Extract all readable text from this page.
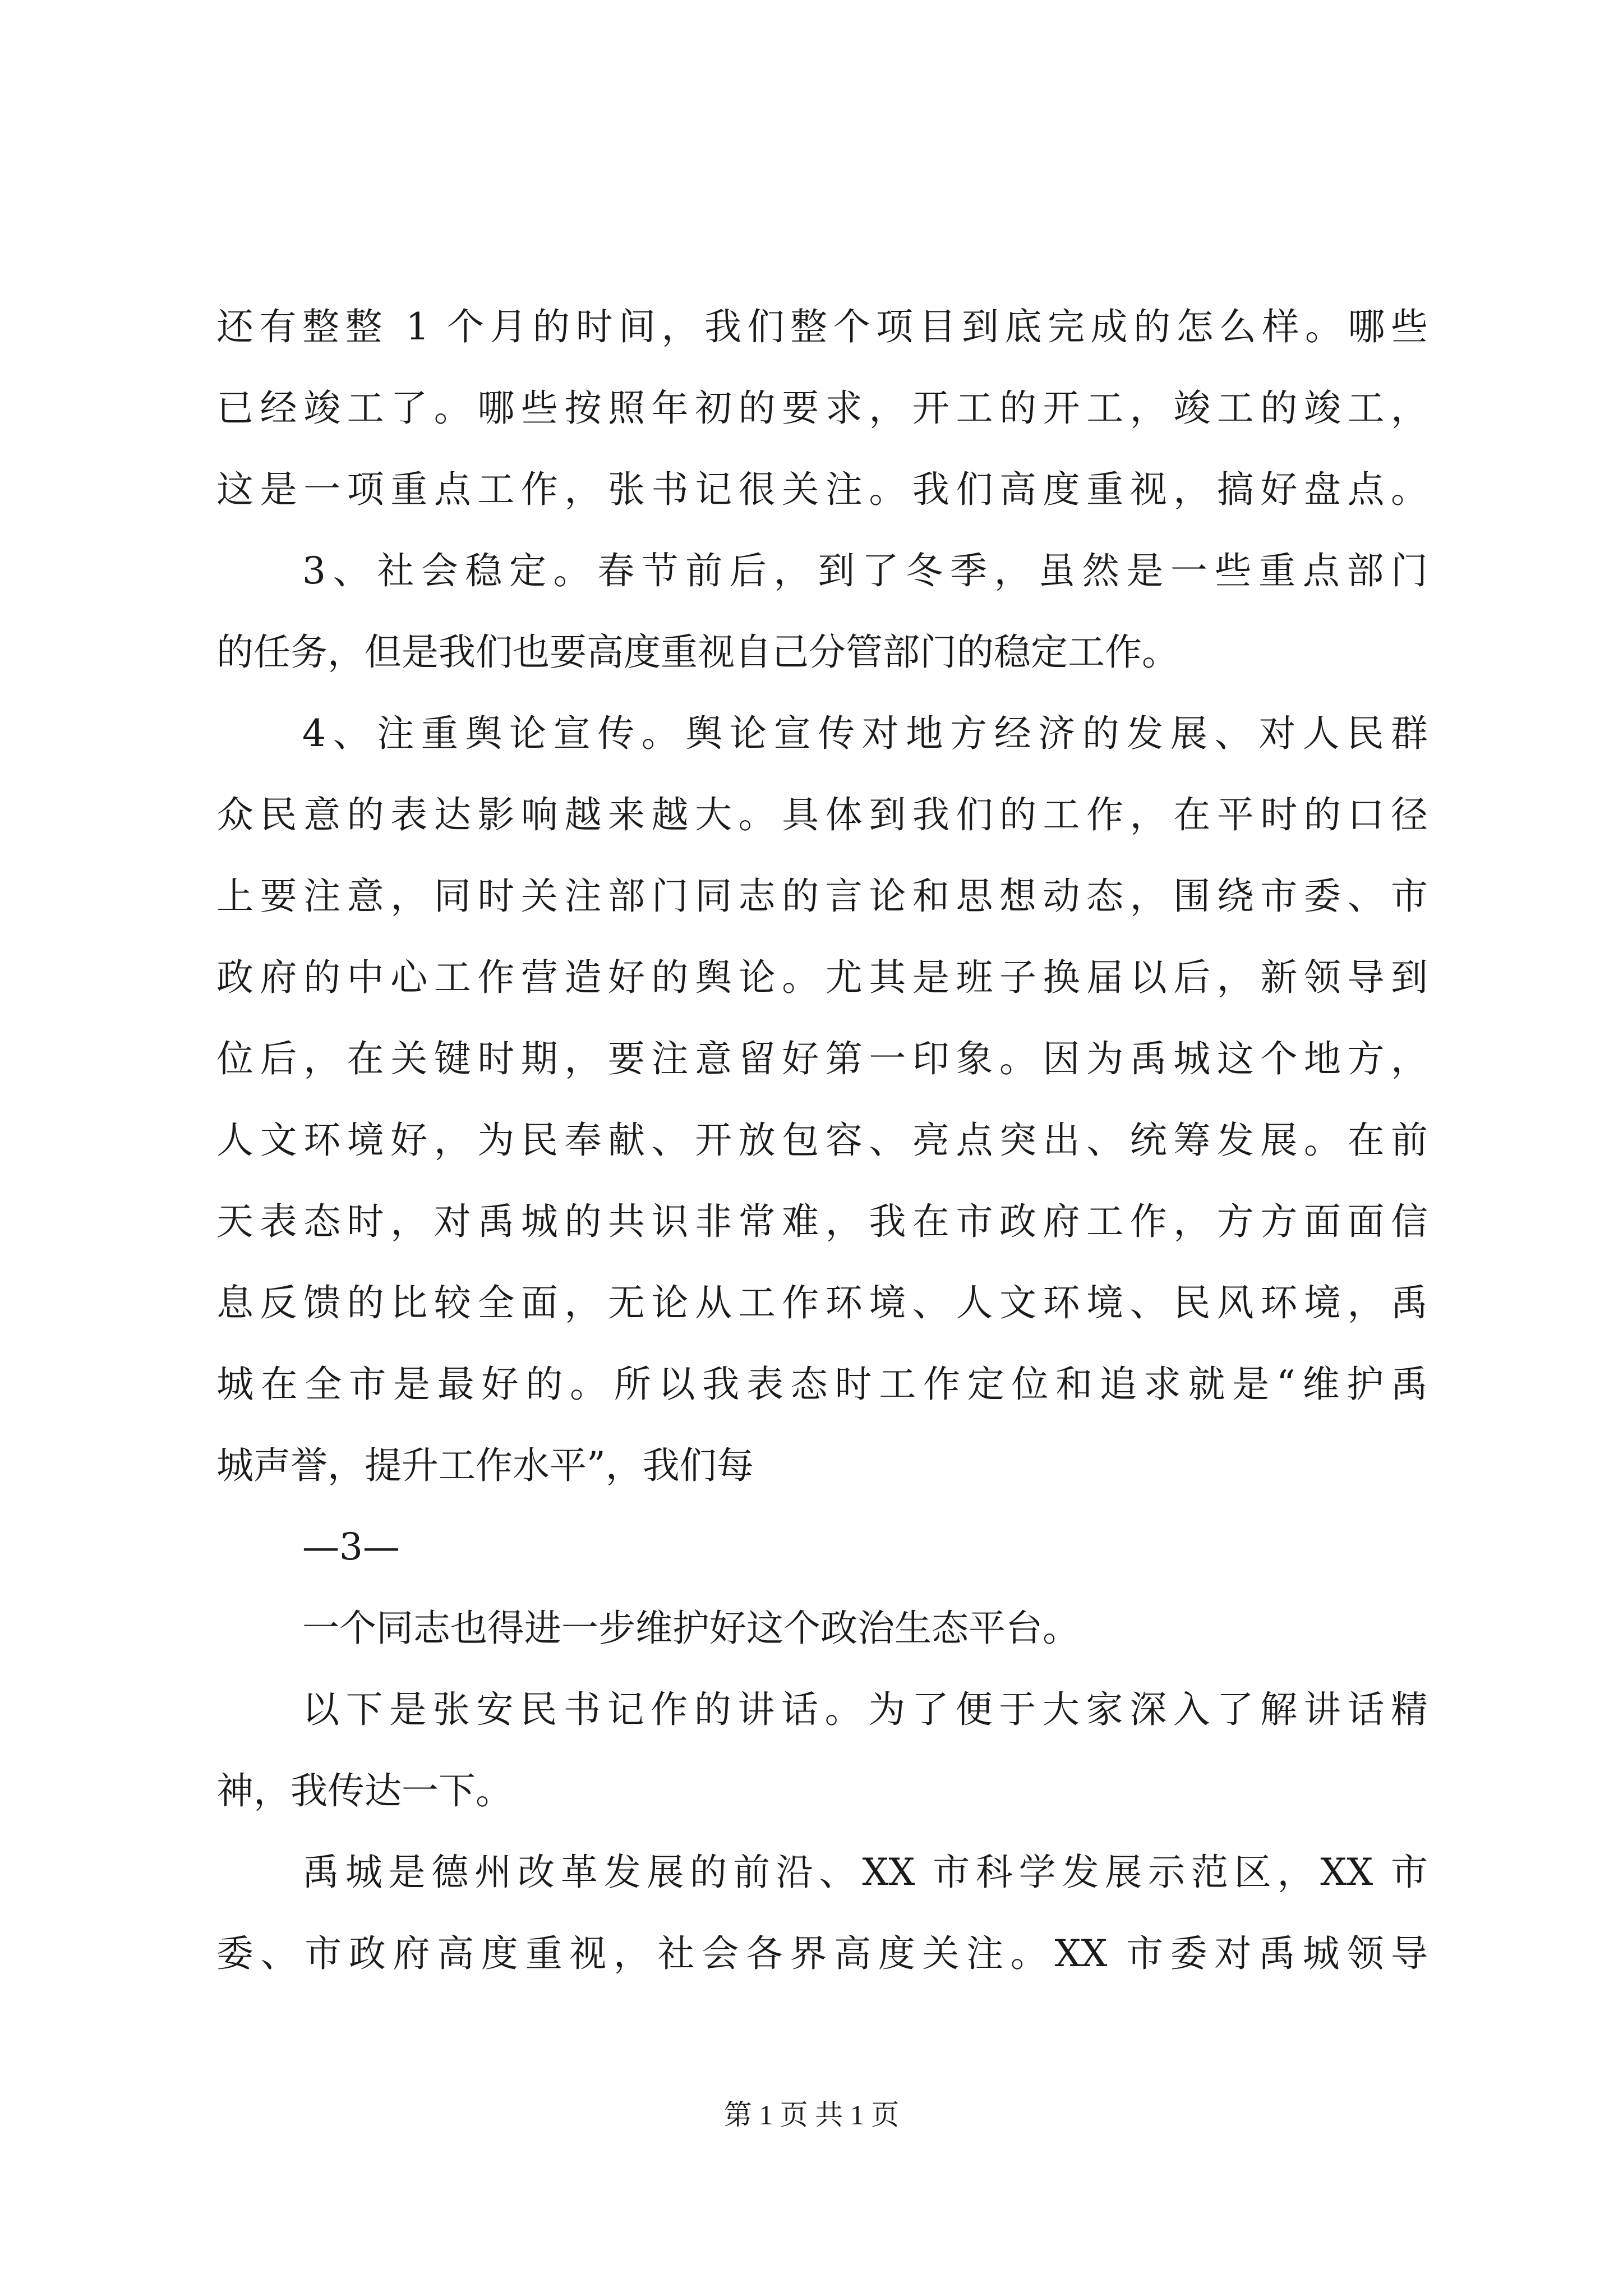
还有整整 1 个月的时间，我们整个项目到底完成的怎么样。哪些
已经竣工了。哪些按照年初的要求，开工的开工，竣工的竣工，
这是一项重点工作，张书记很关注。我们高度重视，搞好盘点。
3、社会稳定。春节前后，到了冬季，虽然是一些重点部门
的任务，但是我们也要高度重视自己分管部门的稳定工作。
4、注重舆论宣传。舆论宣传对地方经济的发展、对人民群
众民意的表达影响越来越大。具体到我们的工作，在平时的口径
上要注意，同时关注部门同志的言论和思想动态，围绕市委、市
政府的中心工作营造好的舆论。尤其是班子换届以后，新领导到
位后，在关键时期，要注意留好第一印象。因为禹城这个地方，
人文环境好，为民奉献、开放包容、亮点突出、统筹发展。在前
天表态时，对禹城的共识非常难，我在市政府工作，方方面面信
息反馈的比较全面，无论从工作环境、人文环境、民风环境，禹
城在全市是最好的。所以我表态时工作定位和追求就是“维护禹
城声誉，提升工作水平”，我们每
—3—
一个同志也得进一步维护好这个政治生态平台。
以下是张安民书记作的讲话。为了便于大家深入了解讲话精
神，我传达一下。
禹城是德州改革发展的前沿、XX 市科学发展示范区，XX 市
委、市政府高度重视，社会各界高度关注。XX 市委对禹城领导
第 1 页 共 1 页
